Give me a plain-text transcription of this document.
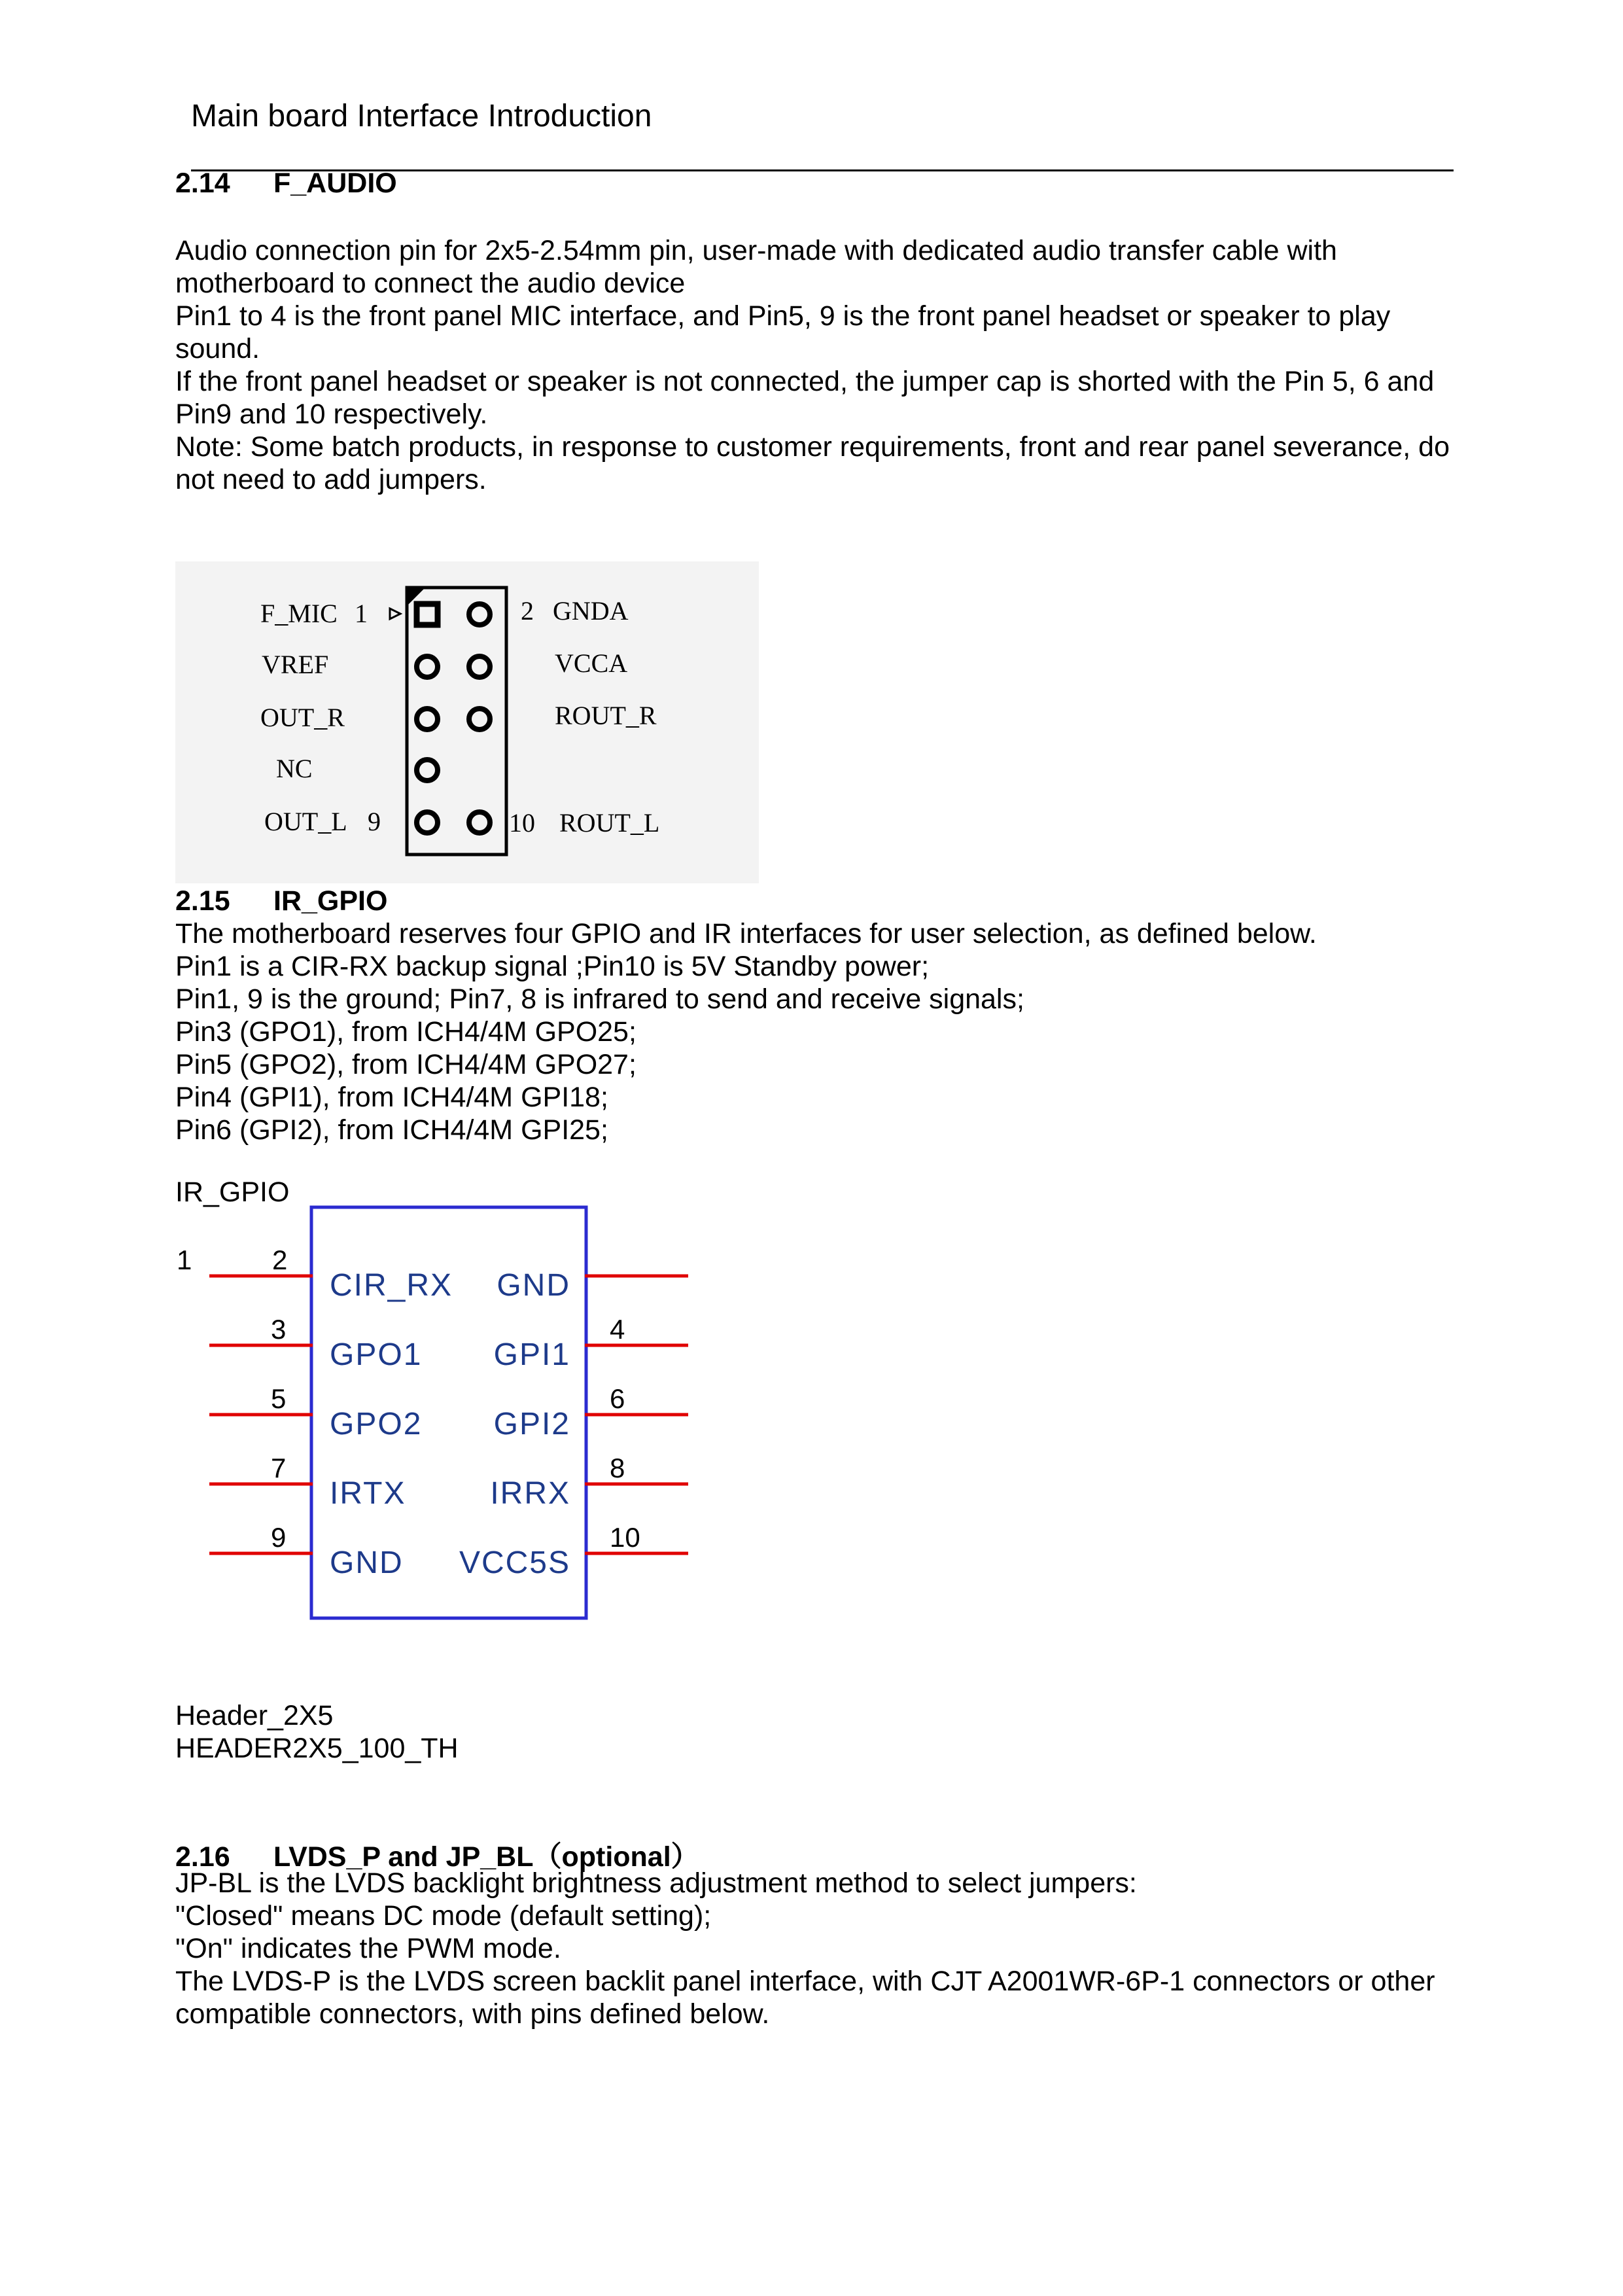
Main board Interface Introduction
2.14 F_AUDIO
Audio connection pin for 2x5-2.54mm pin, user-made with dedicated audio transfer cable with
motherboard to connect the audio device
Pin1 to 4 is the front panel MIC interface, and Pin5, 9 is the front panel headset or speaker to play
sound.
If the front panel headset or speaker is not connected, the jumper cap is shorted with the Pin 5, 6 and
Pin9 and 10 respectively.
Note: Some batch products, in response to customer requirements, front and rear panel severance, do
not need to add jumpers.
F_MIC 1	2 GNDA
VREF	VCCA
OUT_R	ROUT_R
NC
OUT_L 9	10 ROUT_L
2.15 IR_GPIO
The motherboard reserves four GPIO and IR interfaces for user selection, as defined below.
Pin1 is a CIR-RX backup signal ;Pin10 is 5V Standby power;
Pin1, 9 is the ground; Pin7, 8 is infrared to send and receive signals;
Pin3 (GPO1), from ICH4/4M GPO25;
Pin5 (GPO2), from ICH4/4M GPO27;
Pin4 (GPI1), from ICH4/4M GPI18;
Pin6 (GPI2), from ICH4/4M GPI25;
IR_GPIO
1	2
CIR_RX GND
3	4
GPO1 GPI1
5	6
GPO2 GPI2
7	8
IRTX	IRRX
9	10
GND VCC5S
Header_2X5
HEADER2X5_100_TH
2.16 LVDS_P and JP_BL（optional）
JP-BL is the LVDS backlight brightness adjustment method to select jumpers:
"Closed" means DC mode (default setting);
"On" indicates the PWM mode.
The LVDS-P is the LVDS screen backlit panel interface, with CJT A2001WR-6P-1 connectors or other
compatible connectors, with pins defined below.
